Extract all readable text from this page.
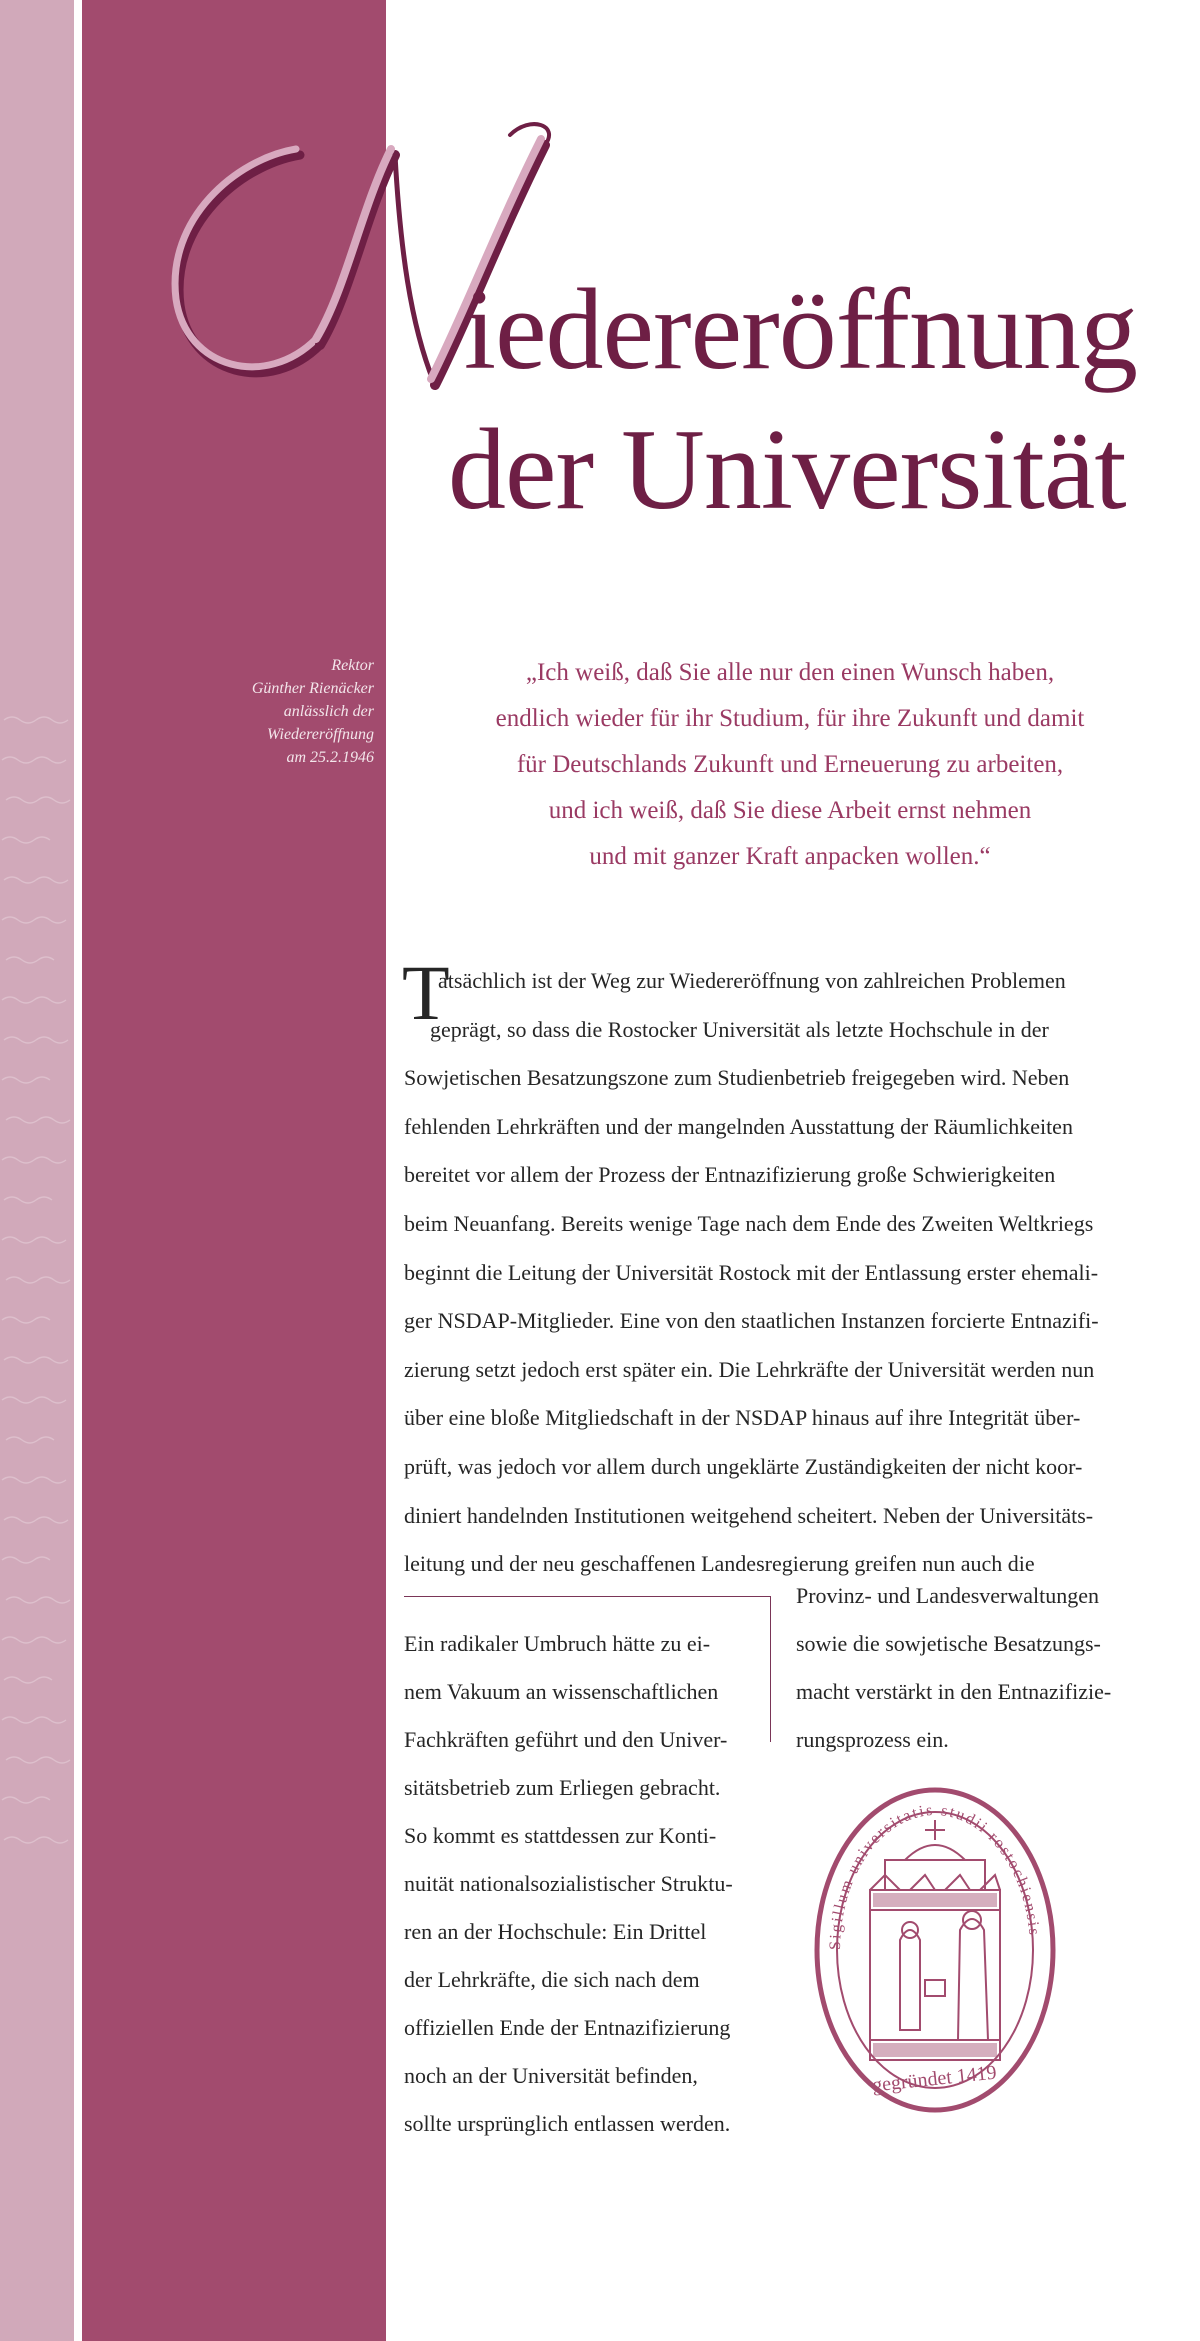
iedereröffnung
der Universität
Rektor
Günther Rienäcker
anlässlich der
Wiedereröffnung
am 25.2.1946
„Ich weiß, daß Sie alle nur den einen Wunsch haben,
endlich wieder für ihr Studium, für ihre Zukunft und damit
für Deutschlands Zukunft und Erneuerung zu arbeiten,
und ich weiß, daß Sie diese Arbeit ernst nehmen
und mit ganzer Kraft anpacken wollen.“
T
atsächlich ist der Weg zur Wiedereröffnung von zahlreichen Problemen
geprägt, so dass die Rostocker Universität als letzte Hochschule in der
Sowjetischen Besatzungszone zum Studienbetrieb freigegeben wird. Neben
fehlenden Lehrkräften und der mangelnden Ausstattung der Räumlichkeiten
bereitet vor allem der Prozess der Entnazifizierung große Schwierigkeiten
beim Neuanfang. Bereits wenige Tage nach dem Ende des Zweiten Weltkriegs
beginnt die Leitung der Universität Rostock mit der Entlassung erster ehemali-
ger NSDAP-Mitglieder. Eine von den staatlichen Instanzen forcierte Entnazifi-
zierung setzt jedoch erst später ein. Die Lehrkräfte der Universität werden nun
über eine bloße Mitgliedschaft in der NSDAP hinaus auf ihre Integrität über-
prüft, was jedoch vor allem durch ungeklärte Zuständigkeiten der nicht koor-
diniert handelnden Institutionen weitgehend scheitert. Neben der Universitäts-
leitung und der neu geschaffenen Landesregierung greifen nun auch die
Provinz- und Landesverwaltungen
sowie die sowjetische Besatzungs-
macht verstärkt in den Entnazifizie-
rungsprozess ein.
Ein radikaler Umbruch hätte zu ei-
nem Vakuum an wissenschaftlichen
Fachkräften geführt und den Univer-
sitätsbetrieb zum Erliegen gebracht.
So kommt es stattdessen zur Konti-
nuität nationalsozialistischer Struktu-
ren an der Hochschule: Ein Drittel
der Lehrkräfte, die sich nach dem
offiziellen Ende der Entnazifizierung
noch an der Universität befinden,
sollte ursprünglich entlassen werden.
Sigillum universitatis studii rostochiensis
gegründet 1419
